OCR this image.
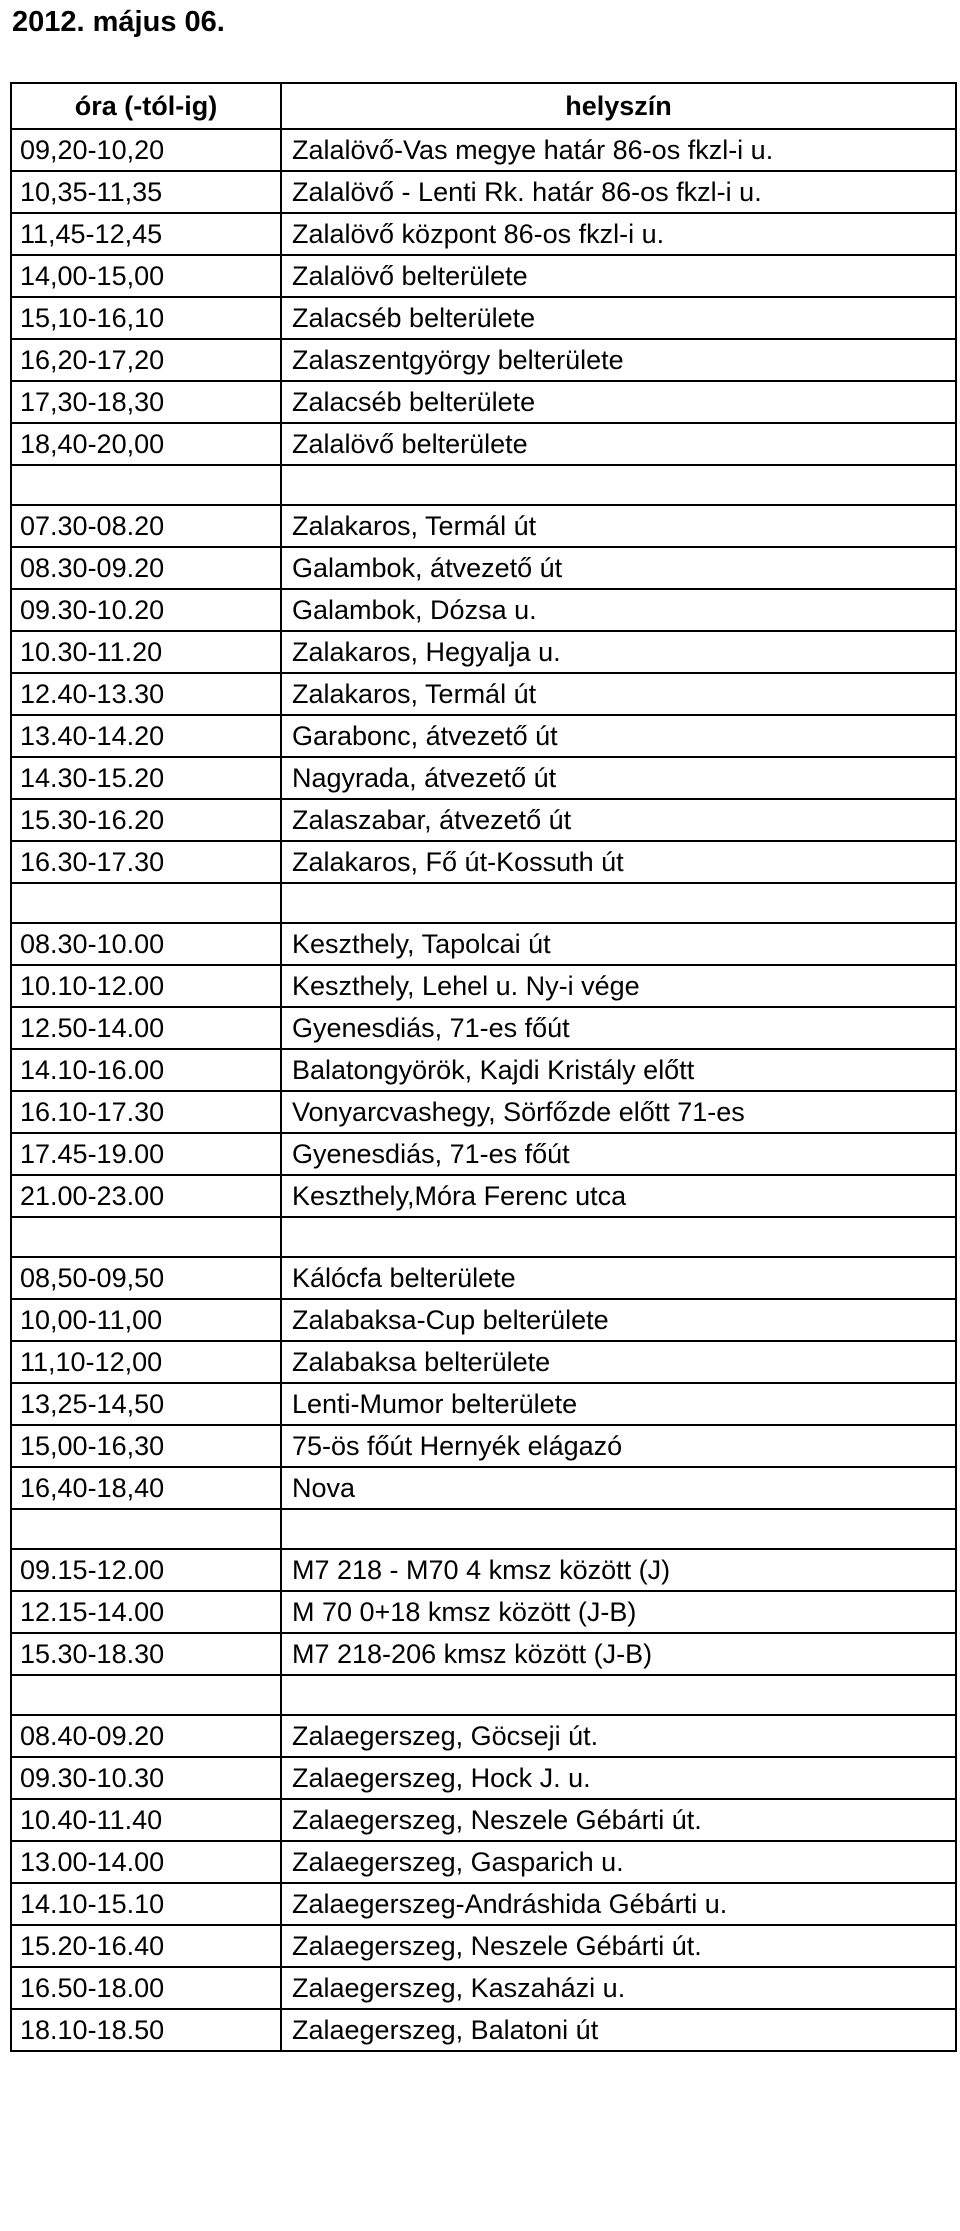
2012. május 06.
óra (-tól-ig)	helyszín
09,20-10,20	Zalalövő-Vas megye határ 86-os fkzl-i u.
10,35-11,35	Zalalövő - Lenti Rk. határ 86-os fkzl-i u.
11,45-12,45	Zalalövő központ 86-os fkzl-i u.
14,00-15,00	Zalalövő belterülete
15,10-16,10	Zalacséb belterülete
16,20-17,20	Zalaszentgyörgy belterülete
17,30-18,30	Zalacséb belterülete
18,40-20,00	Zalalövő belterülete

07.30-08.20	Zalakaros, Termál út
08.30-09.20	Galambok, átvezető út
09.30-10.20	Galambok, Dózsa u.
10.30-11.20	Zalakaros, Hegyalja u.
12.40-13.30	Zalakaros, Termál út
13.40-14.20	Garabonc, átvezető út
14.30-15.20	Nagyrada, átvezető út
15.30-16.20	Zalaszabar, átvezető út
16.30-17.30	Zalakaros, Fő út-Kossuth út

08.30-10.00	Keszthely, Tapolcai út
10.10-12.00	Keszthely, Lehel u. Ny-i vége
12.50-14.00	Gyenesdiás, 71-es főút
14.10-16.00	Balatongyörök, Kajdi Kristály előtt
16.10-17.30	Vonyarcvashegy, Sörfőzde előtt 71-es
17.45-19.00	Gyenesdiás, 71-es főút
21.00-23.00	Keszthely,Móra Ferenc utca

08,50-09,50	Kálócfa belterülete
10,00-11,00	Zalabaksa-Cup belterülete
11,10-12,00	Zalabaksa belterülete
13,25-14,50	Lenti-Mumor belterülete
15,00-16,30	75-ös főút Hernyék elágazó
16,40-18,40	Nova

09.15-12.00	M7 218 - M70 4 kmsz között (J)
12.15-14.00	M 70 0+18 kmsz között (J-B)
15.30-18.30	M7 218-206 kmsz között (J-B)

08.40-09.20	Zalaegerszeg, Göcseji út.
09.30-10.30	Zalaegerszeg, Hock J. u.
10.40-11.40	Zalaegerszeg, Neszele Gébárti út.
13.00-14.00	Zalaegerszeg, Gasparich u.
14.10-15.10	Zalaegerszeg-Andráshida Gébárti u.
15.20-16.40	Zalaegerszeg, Neszele Gébárti út.
16.50-18.00	Zalaegerszeg, Kaszaházi u.
18.10-18.50	Zalaegerszeg, Balatoni út
